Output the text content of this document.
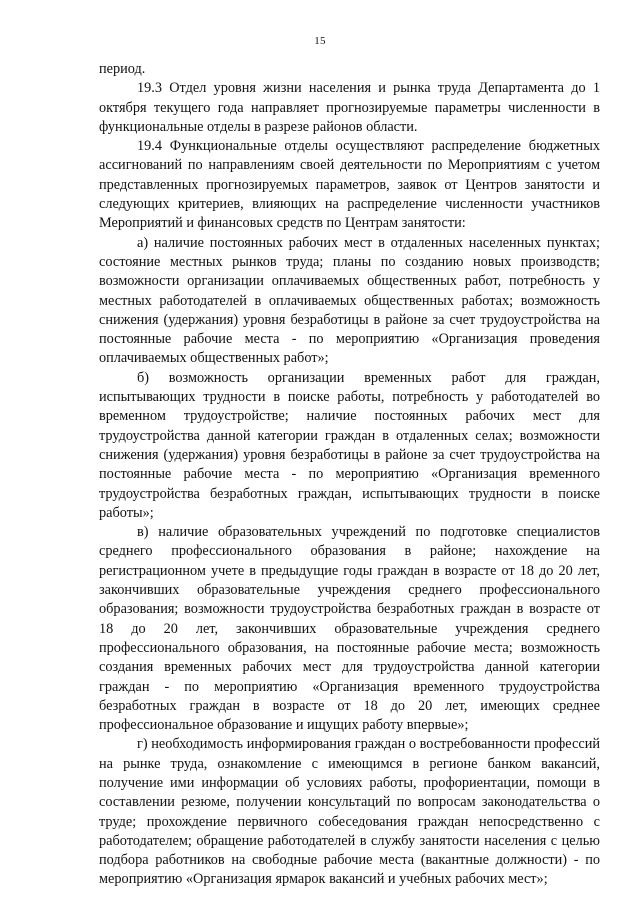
15

период.

19.3 Отдел уровня жизни населения и рынка труда Департамента до 1 октября текущего года направляет прогнозируемые параметры численности в функциональные отделы в разрезе районов области.

19.4 Функциональные отделы осуществляют распределение бюджетных ассигнований по направлениям своей деятельности по Мероприятиям с учетом представленных прогнозируемых параметров, заявок от Центров занятости и следующих критериев, влияющих на распределение численности участников Мероприятий и финансовых средств по Центрам занятости:

а) наличие постоянных рабочих мест в отдаленных населенных пунктах; состояние местных рынков труда; планы по созданию новых производств; возможности организации оплачиваемых общественных работ, потребность у местных работодателей в оплачиваемых общественных работах; возможность снижения (удержания) уровня безработицы в районе за счет трудоустройства на постоянные рабочие места - по мероприятию «Организация проведения оплачиваемых общественных работ»;

б) возможность организации временных работ для граждан, испытывающих трудности в поиске работы, потребность у работодателей во временном трудоустройстве; наличие постоянных рабочих мест для трудоустройства данной категории граждан в отдаленных селах; возможности снижения (удержания) уровня безработицы в районе за счет трудоустройства на постоянные рабочие места - по мероприятию «Организация временного трудоустройства безработных граждан, испытывающих трудности в поиске работы»;

в) наличие образовательных учреждений по подготовке специалистов среднего профессионального образования в районе; нахождение на регистрационном учете в предыдущие годы граждан в возрасте от 18 до 20 лет, закончивших образовательные учреждения среднего профессионального образования; возможности трудоустройства безработных граждан в возрасте от 18 до 20 лет, закончивших образовательные учреждения среднего профессионального образования, на постоянные рабочие места; возможность создания временных рабочих мест для трудоустройства данной категории граждан - по мероприятию «Организация временного трудоустройства безработных граждан в возрасте от 18 до 20 лет, имеющих среднее профессиональное образование и ищущих работу впервые»;

г) необходимость информирования граждан о востребованности профессий на рынке труда, ознакомление с имеющимся в регионе банком вакансий, получение ими информации об условиях работы, профориентации, помощи в составлении резюме, получении консультаций по вопросам законодательства о труде; прохождение первичного собеседования граждан непосредственно с работодателем; обращение работодателей в службу занятости населения с целью подбора работников на свободные рабочие места (вакантные должности) - по мероприятию «Организация ярмарок вакансий и учебных рабочих мест»;
